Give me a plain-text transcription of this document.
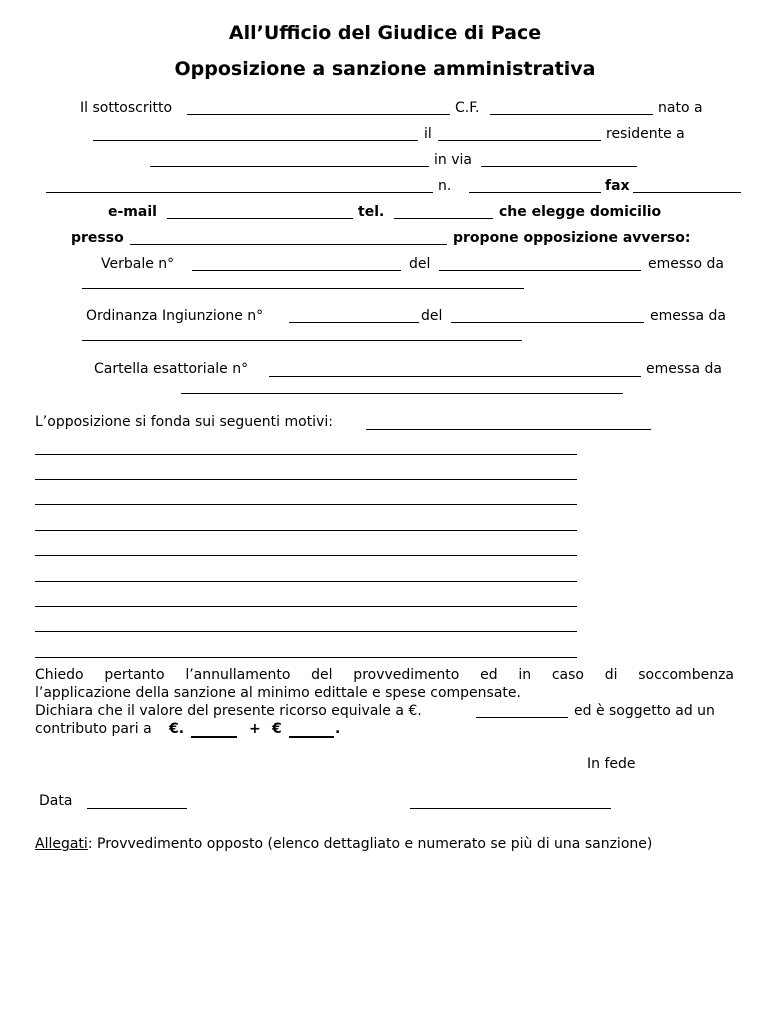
All’Ufficio del Giudice di Pace
Opposizione a sanzione amministrativa
Il sottoscritto	C.F.	nato a
il	residente a
in via
n.	fax
e-mail	tel.	che elegge domicilio
presso	propone opposizione avverso:
Verbale n°	del	emesso da
Ordinanza Ingiunzione n°	del	emessa da
Cartella esattoriale n°	emessa da
L’opposizione si fonda sui seguenti motivi:
Chiedo pertanto l’annullamento del provvedimento ed in caso di soccombenza
l’applicazione della sanzione al minimo edittale e spese compensate.
Dichiara che il valore del presente ricorso equivale a €.	ed è soggetto ad un
contributo pari a €.	+ €	.
In fede
Data
Allegati: Provvedimento opposto (elenco dettagliato e numerato se più di una sanzione)
